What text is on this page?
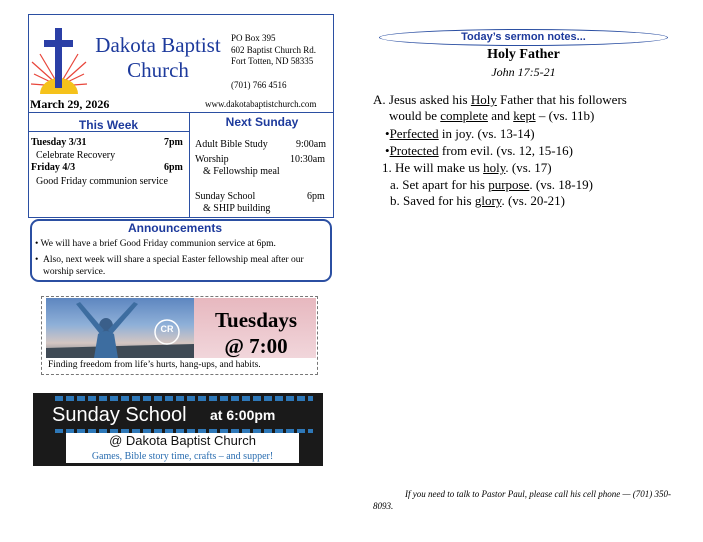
Dakota Baptist Church
PO Box 395
602 Baptist Church Rd.
Fort Totten, ND 58335
(701) 766 4516
March 29, 2026	www.dakotabaptistchurch.com
This Week	Next Sunday
Tuesday 3/31	7pm
Celebrate Recovery
Friday 4/3	6pm
Good Friday communion service
Adult Bible Study	9:00am
Worship	10:30am
& Fellowship meal
Sunday School	6pm
& SHIP building
Announcements
• We will have a brief Good Friday communion service at 6pm.
• Also, next week will share a special Easter fellowship meal after our worship service.
CR	Tuesdays
@ 7:00
Finding freedom from life’s hurts, hang-ups, and habits.
Sunday School at 6:00pm
@ Dakota Baptist Church
Games, Bible story time, crafts – and supper!
Today’s sermon notes...
Holy Father
John 17:5-21
A. Jesus asked his Holy Father that his followers
would be complete and kept – (vs. 11b)
•Perfected in joy. (vs. 13-14)
•Protected from evil. (vs. 12, 15-16)
1. He will make us holy. (vs. 17)
a. Set apart for his purpose. (vs. 18-19)
b. Saved for his glory. (vs. 20-21)
If you need to talk to Pastor Paul, please call his cell phone — (701) 350-8093.
